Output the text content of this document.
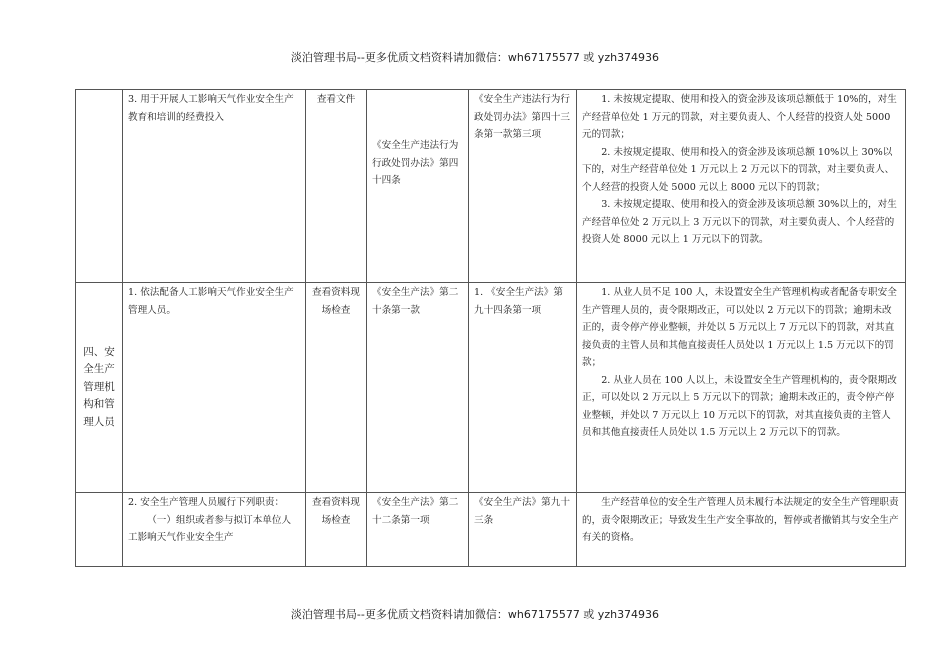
淡泊管理书局--更多优质文档资料请加微信：wh67175577 或 yzh374936
	3. 用于开展人工影响天气作业安全生产教育和培训的经费投入	查看文件	《安全生产违法行为行政处罚办法》第四十四条	《安全生产违法行为行政处罚办法》第四十三条第一款第三项	1. 未按规定提取、使用和投入的资金涉及该项总额低于 10%的，对生产经营单位处 1 万元的罚款，对主要负责人、个人经营的投资人处 5000 元的罚款；

2. 未按规定提取、使用和投入的资金涉及该项总额 10%以上 30%以下的，对生产经营单位处 1 万元以上 2 万元以下的罚款，对主要负责人、个人经营的投资人处 5000 元以上 8000 元以下的罚款；

3. 未按规定提取、使用和投入的资金涉及该项总额 30%以上的，对生产经营单位处 2 万元以上 3 万元以下的罚款，对主要负责人、个人经营的投资人处 8000 元以上 1 万元以下的罚款。

四、安全生产管理机构和管理人员	1. 依法配备人工影响天气作业安全生产管理人员。	查看资料现场检查	《安全生产法》第二十条第一款	1. 《安全生产法》第九十四条第一项	1. 从业人员不足 100 人，未设置安全生产管理机构或者配备专职安全生产管理人员的，责令限期改正，可以处以 2 万元以下的罚款；逾期未改正的，责令停产停业整顿，并处以 5 万元以上 7 万元以下的罚款，对其直接负责的主管人员和其他直接责任人员处以 1 万元以上 1.5 万元以下的罚款；

2. 从业人员在 100 人以上，未设置安全生产管理机构的，责令限期改正，可以处以 2 万元以上 5 万元以下的罚款；逾期未改正的，责令停产停业整顿，并处以 7 万元以上 10 万元以下的罚款，对其直接负责的主管人员和其他直接责任人员处以 1.5 万元以上 2 万元以下的罚款。

	2. 安全生产管理人员履行下列职责：
（一）组织或者参与拟订本单位人工影响天气作业安全生产	查看资料现场检查	《安全生产法》第二十二条第一项	《安全生产法》第九十三条	生产经营单位的安全生产管理人员未履行本法规定的安全生产管理职责的，责令限期改正；导致发生生产安全事故的，暂停或者撤销其与安全生产有关的资格。

淡泊管理书局--更多优质文档资料请加微信：wh67175577 或 yzh374936
